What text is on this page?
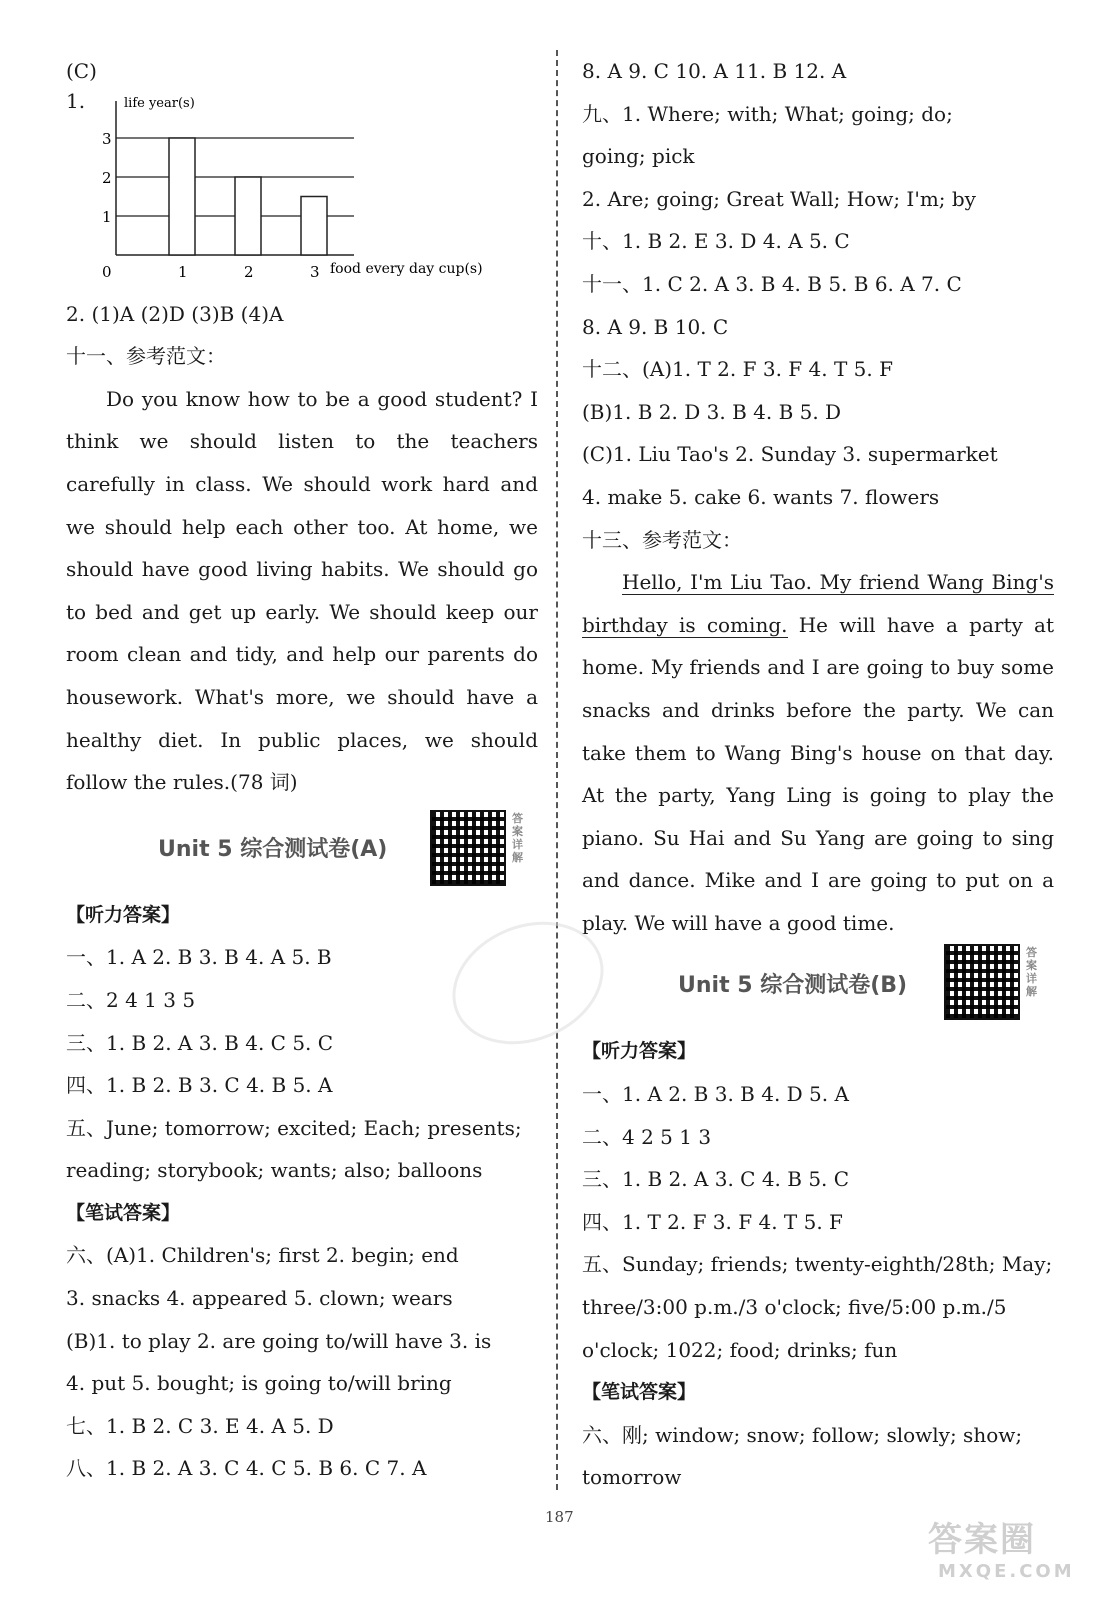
(C)
1.
1
2
3
0	1	2	3 food every day cup(s)
life year(s)
2. (1)A (2)D (3)B (4)A
十一、参考范文：

Do you know how to be a good student? I think we should listen to the teachers carefully in class. We should work hard and we should help each other too. At home, we should have good living habits. We should go to bed and get up early. We should keep our room clean and tidy, and help our parents do housework. What's more, we should have a healthy diet. In public places, we should follow the rules.(78 词)

Unit 5 综合测试卷(A)
答案详解
【听力答案】
一、1. A 2. B 3. B 4. A 5. B
二、2 4 1 3 5
三、1. B 2. A 3. B 4. C 5. C
四、1. B 2. B 3. C 4. B 5. A
五、June; tomorrow; excited; Each; presents;
reading; storybook; wants; also; balloons
【笔试答案】
六、(A)1. Children's; first 2. begin; end
3. snacks 4. appeared 5. clown; wears
(B)1. to play 2. are going to/will have 3. is
4. put 5. bought; is going to/will bring
七、1. B 2. C 3. E 4. A 5. D
八、1. B 2. A 3. C 4. C 5. B 6. C 7. A
8. A 9. C 10. A 11. B 12. A
九、1. Where; with; What; going; do;
going; pick
2. Are; going; Great Wall; How; I'm; by
十、1. B 2. E 3. D 4. A 5. C
十一、1. C 2. A 3. B 4. B 5. B 6. A 7. C
8. A 9. B 10. C
十二、(A)1. T 2. F 3. F 4. T 5. F
(B)1. B 2. D 3. B 4. B 5. D
(C)1. Liu Tao's 2. Sunday 3. supermarket
4. make 5. cake 6. wants 7. flowers
十三、参考范文：

Hello, I'm Liu Tao. My friend Wang Bing's birthday is coming. He will have a party at home. My friends and I are going to buy some snacks and drinks before the party. We can take them to Wang Bing's house on that day. At the party, Yang Ling is going to play the piano. Su Hai and Su Yang are going to sing and dance. Mike and I are going to put on a play. We will have a good time.

Unit 5 综合测试卷(B)
答案详解
【听力答案】
一、1. A 2. B 3. B 4. D 5. A
二、4 2 5 1 3
三、1. B 2. A 3. C 4. B 5. C
四、1. T 2. F 3. F 4. T 5. F
五、Sunday; friends; twenty-eighth/28th; May;
three/3:00 p.m./3 o'clock; five/5:00 p.m./5
o'clock; 1022; food; drinks; fun
【笔试答案】
六、刚; window; snow; follow; slowly; show;
tomorrow
187
答案圈
MXQE.COM
